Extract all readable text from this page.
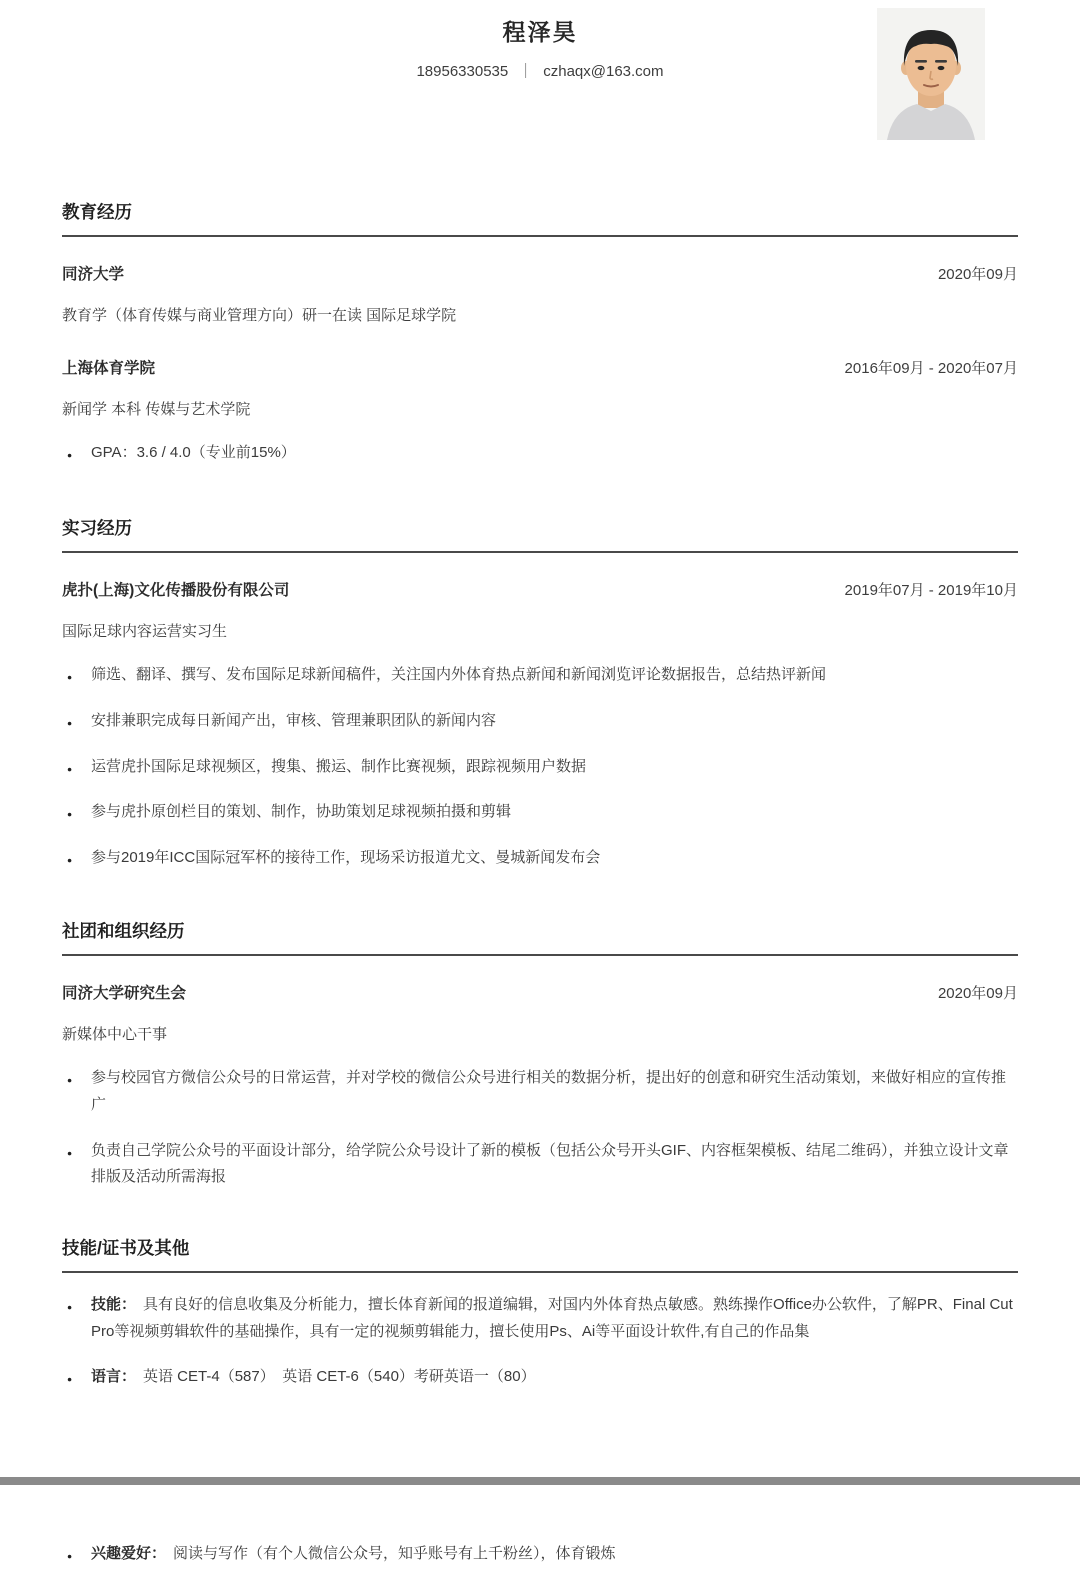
程泽昊
18956330535 ｜ czhaqx@163.com
教育经历
同济大学	2020年09月

教育学（体育传媒与商业管理方向）研一在读 国际足球学院

上海体育学院	2016年09月 - 2020年07月

新闻学 本科 传媒与艺术学院

● GPA：3.6 / 4.0（专业前15%）
实习经历
虎扑(上海)文化传播股份有限公司	2019年07月 - 2019年10月

国际足球内容运营实习生

● 筛选、翻译、撰写、发布国际足球新闻稿件，关注国内外体育热点新闻和新闻浏览评论数据报告，总结热评新闻
● 安排兼职完成每日新闻产出，审核、管理兼职团队的新闻内容
● 运营虎扑国际足球视频区，搜集、搬运、制作比赛视频，跟踪视频用户数据
● 参与虎扑原创栏目的策划、制作，协助策划足球视频拍摄和剪辑
● 参与2019年ICC国际冠军杯的接待工作，现场采访报道尤文、曼城新闻发布会
社团和组织经历
同济大学研究生会	2020年09月

新媒体中心干事

● 参与校园官方微信公众号的日常运营，并对学校的微信公众号进行相关的数据分析，提出好的创意和研究生活动策划，来做好相应的宣传推广
● 负责自己学院公众号的平面设计部分，给学院公众号设计了新的模板（包括公众号开头GIF、内容框架模板、结尾二维码），并独立设计文章排版及活动所需海报
技能/证书及其他
● 技能： 具有良好的信息收集及分析能力，擅长体育新闻的报道编辑，对国内外体育热点敏感。熟练操作Office办公软件，了解PR、Final Cut Pro等视频剪辑软件的基础操作，具有一定的视频剪辑能力，擅长使用Ps、Ai等平面设计软件,有自己的作品集
● 语言： 英语 CET-4（587）　英语 CET-6（540）考研英语一（80）
● 兴趣爱好： 阅读与写作（有个人微信公众号，知乎账号有上千粉丝），体育锻炼
